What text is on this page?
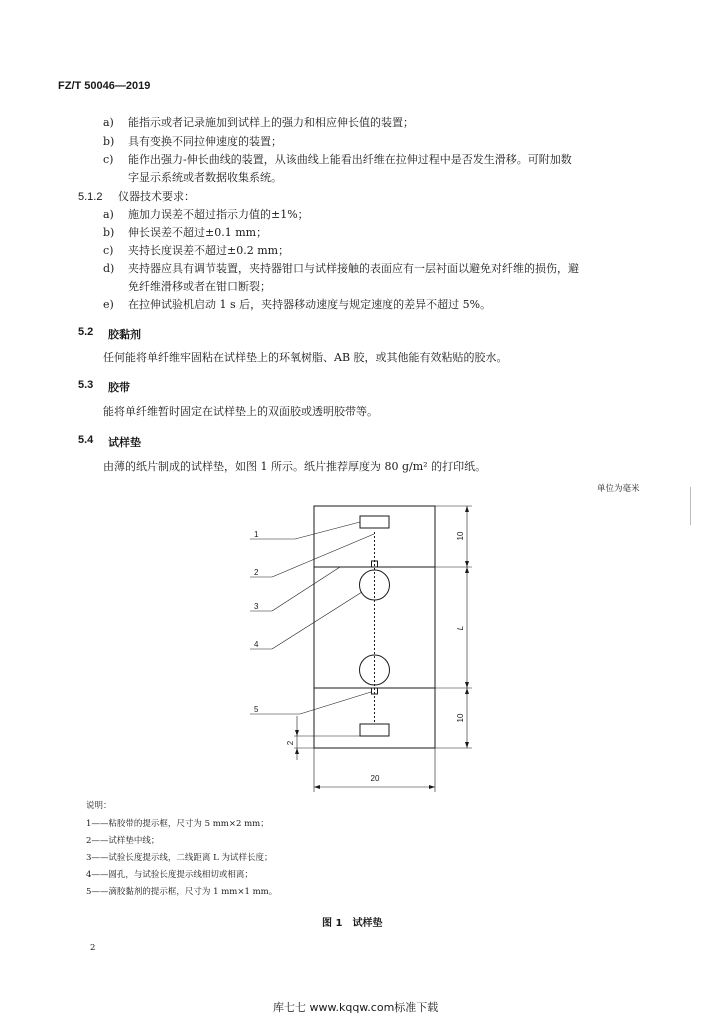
FZ/T 50046—2019
a) 能指示或者记录施加到试样上的强力和相应伸长值的装置；
b) 具有变换不同拉伸速度的装置；
c) 能作出强力-伸长曲线的装置，从该曲线上能看出纤维在拉伸过程中是否发生滑移。可附加数
字显示系统或者数据收集系统。
5.1.2 仪器技术要求：
a) 施加力误差不超过指示力值的±1%；
b) 伸长误差不超过±0.1 mm；
c) 夹持长度误差不超过±0.2 mm；
d) 夹持器应具有调节装置，夹持器钳口与试样接触的表面应有一层衬面以避免对纤维的损伤，避
免纤维滑移或者在钳口断裂；
e) 在拉伸试验机启动 1 s 后，夹持器移动速度与规定速度的差异不超过 5%。
5.2 胶黏剂
任何能将单纤维牢固粘在试样垫上的环氧树脂、AB 胶，或其他能有效粘贴的胶水。
5.3 胶带
能将单纤维暂时固定在试样垫上的双面胶或透明胶带等。
5.4 试样垫
由薄的纸片制成的试样垫，如图 1 所示。纸片推荐厚度为 80 g/m² 的打印纸。
单位为毫米
1
2
3
4
5
10
L
10
2
20
说明：
1——粘胶带的提示框，尺寸为 5 mm×2 mm；
2——试样垫中线；
3——试验长度提示线，二线距离 L 为试样长度；
4——圆孔，与试验长度提示线相切或相离；
5——滴胶黏剂的提示框，尺寸为 1 mm×1 mm。
图 1　试样垫
2
库七七 www.kqqw.com标准下载
